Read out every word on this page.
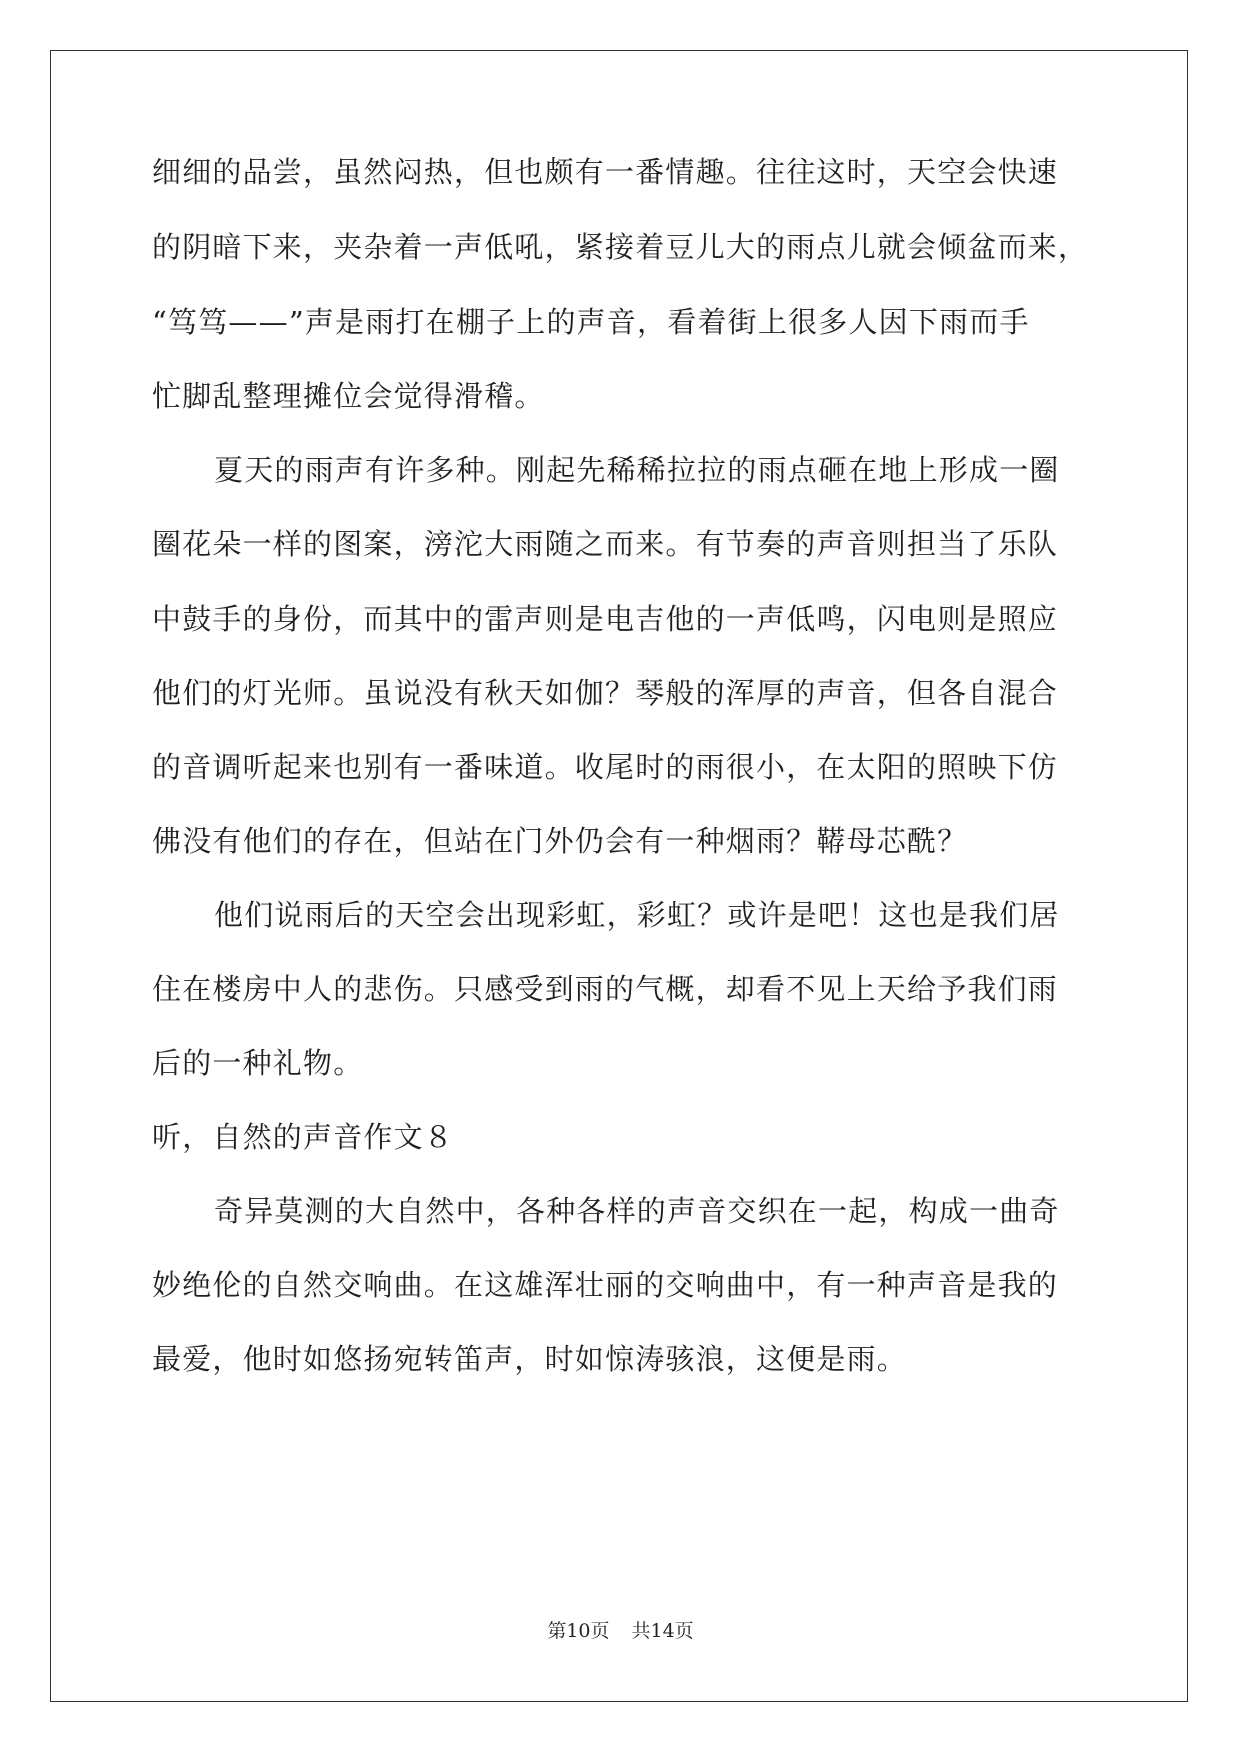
细细的品尝，虽然闷热，但也颇有一番情趣。往往这时，天空会快速
的阴暗下来，夹杂着一声低吼，紧接着豆儿大的雨点儿就会倾盆而来，
“笃笃——”声是雨打在棚子上的声音，看着街上很多人因下雨而手
忙脚乱整理摊位会觉得滑稽。
夏天的雨声有许多种。刚起先稀稀拉拉的雨点砸在地上形成一圈
圈花朵一样的图案，滂沱大雨随之而来。有节奏的声音则担当了乐队
中鼓手的身份，而其中的雷声则是电吉他的一声低鸣，闪电则是照应
他们的灯光师。虽说没有秋天如伽？琴般的浑厚的声音，但各自混合
的音调听起来也别有一番味道。收尾时的雨很小，在太阳的照映下仿
佛没有他们的存在，但站在门外仍会有一种烟雨？鞯母芯酰？
他们说雨后的天空会出现彩虹，彩虹？或许是吧！这也是我们居
住在楼房中人的悲伤。只感受到雨的气概，却看不见上天给予我们雨
后的一种礼物。
听，自然的声音作文８
奇异莫测的大自然中，各种各样的声音交织在一起，构成一曲奇
妙绝伦的自然交响曲。在这雄浑壮丽的交响曲中，有一种声音是我的
最爱，他时如悠扬宛转笛声，时如惊涛骇浪，这便是雨。
第10页 共14页
